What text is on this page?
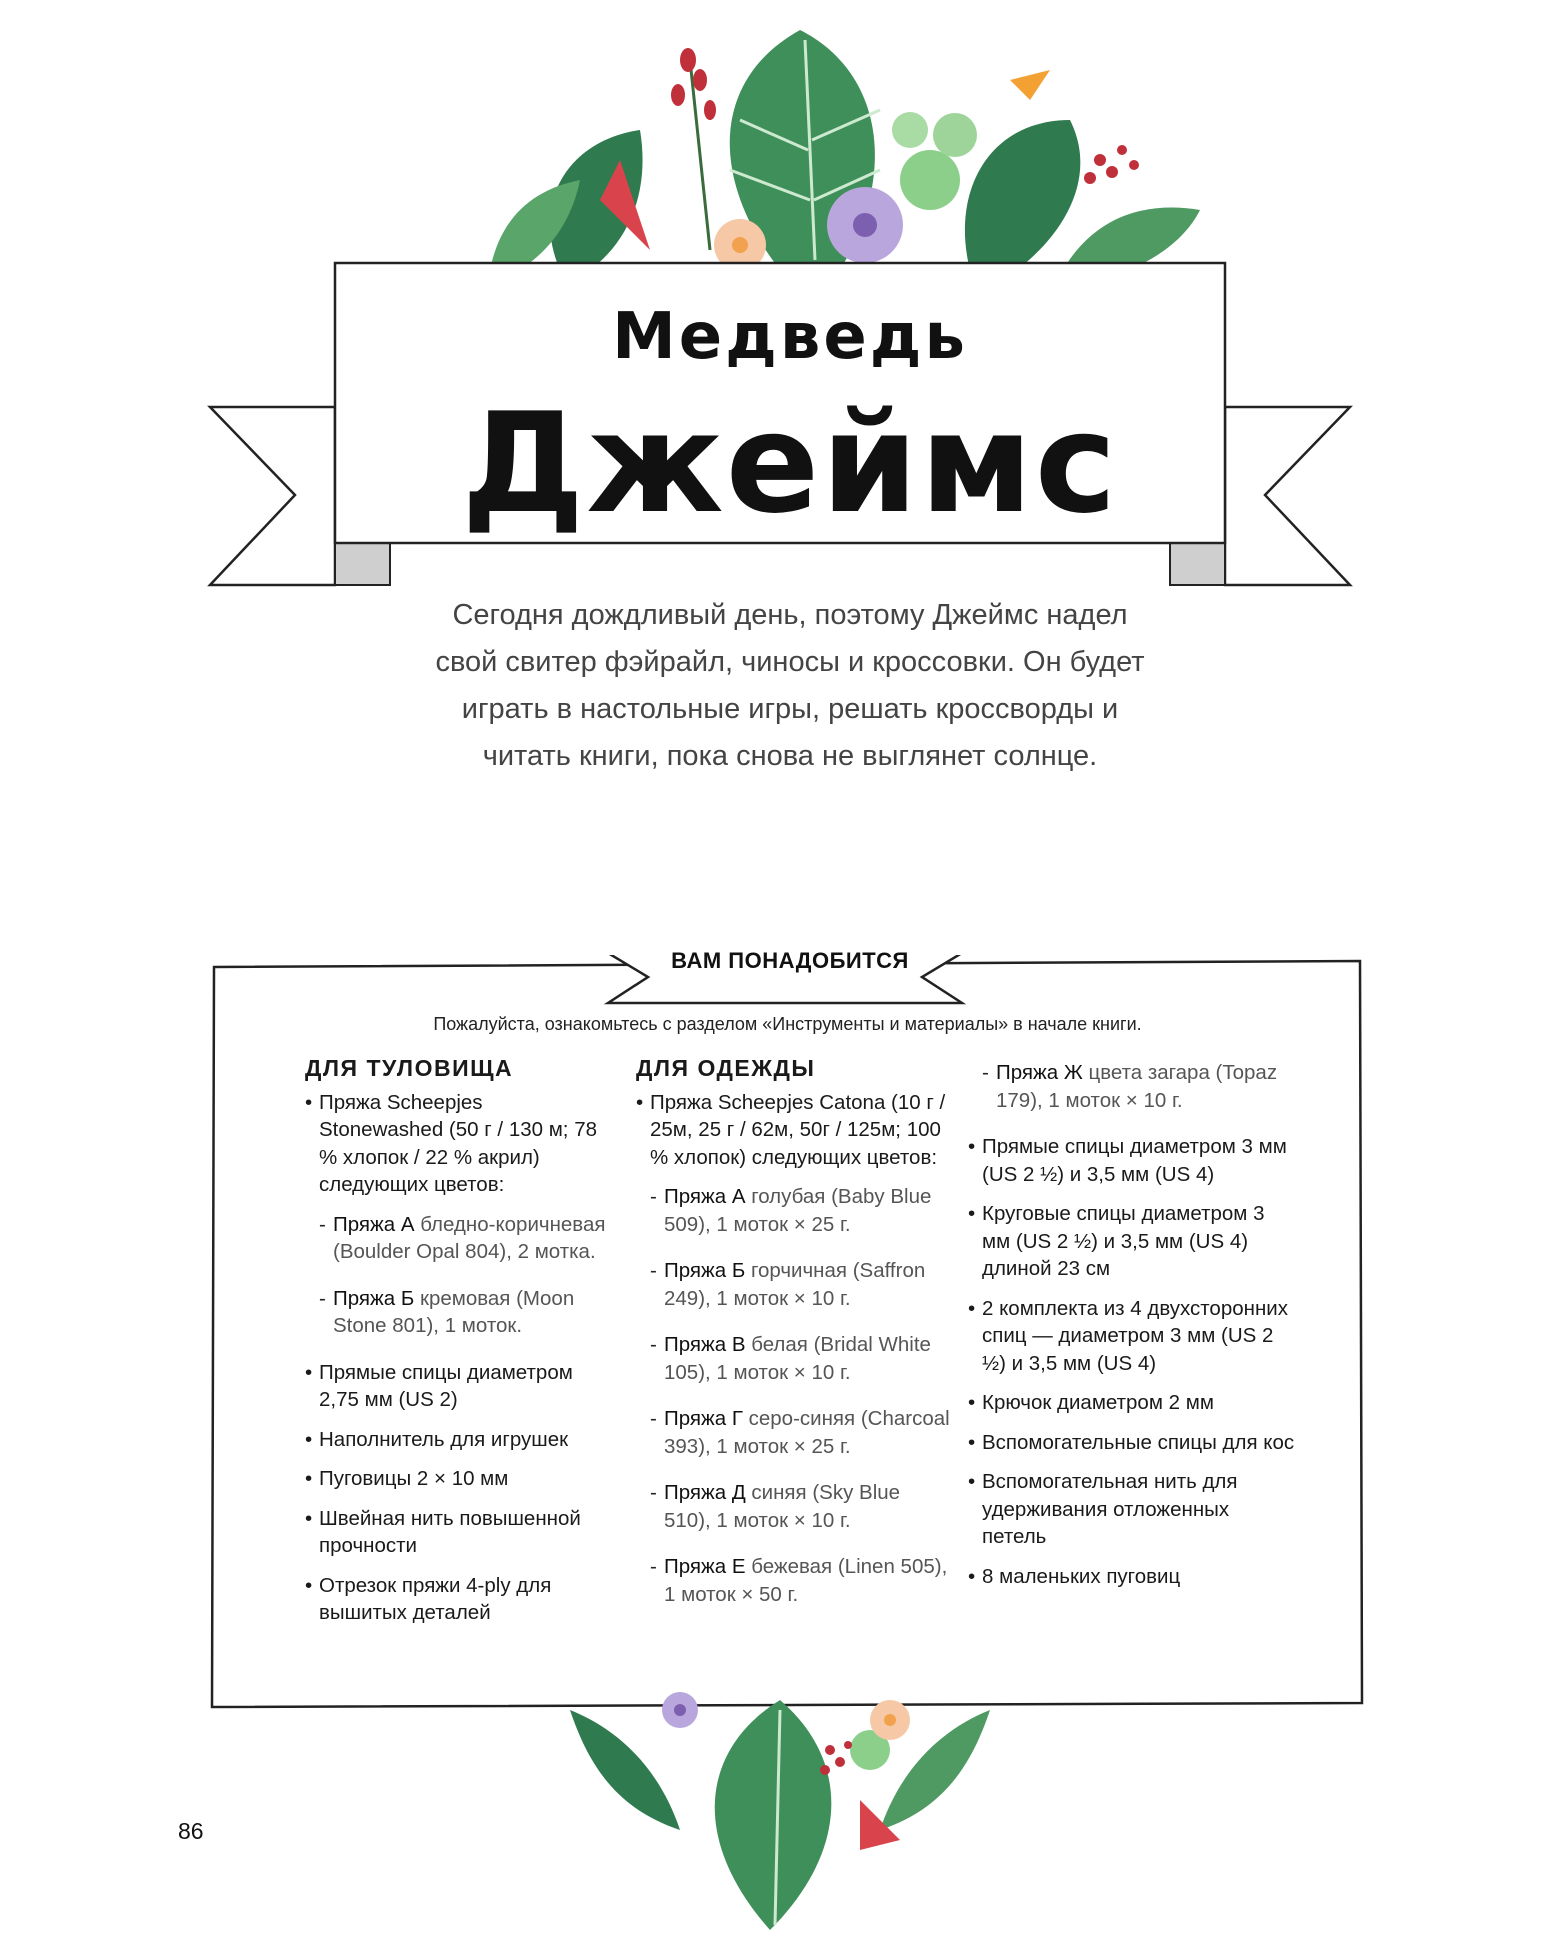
Медведь
Джеймс
Сегодня дождливый день, поэтому Джеймс надел
свой свитер фэйрайл, чиносы и кроссовки. Он будет
играть в настольные игры, решать кроссворды и
читать книги, пока снова не выглянет солнце.
ВАМ ПОНАДОБИТСЯ
Пожалуйста, ознакомьтесь с разделом «Инструменты и материалы» в начале книги.
ДЛЯ ТУЛОВИЩА
• Пряжа Scheepjes Stonewashed (50 г / 130 м; 78 % хлопок / 22 % акрил) следующих цветов:
- Пряжа А бледно-коричневая (Boulder Opal 804), 2 мотка.
- Пряжа Б кремовая (Moon Stone 801), 1 моток.
• Прямые спицы диаметром 2,75 мм (US 2)
• Наполнитель для игрушек
• Пуговицы 2 × 10 мм
• Швейная нить повышенной прочности
• Отрезок пряжи 4-ply для вышитых деталей
ДЛЯ ОДЕЖДЫ
• Пряжа Scheepjes Catona (10 г / 25м, 25 г / 62м, 50г / 125м; 100 % хлопок) следующих цветов:
- Пряжа А голубая (Baby Blue 509), 1 моток × 25 г.
- Пряжа Б горчичная (Saffron 249), 1 моток × 10 г.
- Пряжа В белая (Bridal White 105), 1 моток × 10 г.
- Пряжа Г серо-синяя (Charcoal 393), 1 моток × 25 г.
- Пряжа Д синяя (Sky Blue 510), 1 моток × 10 г.
- Пряжа Е бежевая (Linen 505), 1 моток × 50 г.
- Пряжа Ж цвета загара (Topaz 179), 1 моток × 10 г.
• Прямые спицы диаметром 3 мм (US 2 ½) и 3,5 мм (US 4)
• Круговые спицы диаметром 3 мм (US 2 ½) и 3,5 мм (US 4) длиной 23 см
• 2 комплекта из 4 двухсторонних спиц — диаметром 3 мм (US 2 ½) и 3,5 мм (US 4)
• Крючок диаметром 2 мм
• Вспомогательные спицы для кос
• Вспомогательная нить для удерживания отложенных петель
• 8 маленьких пуговиц
86
